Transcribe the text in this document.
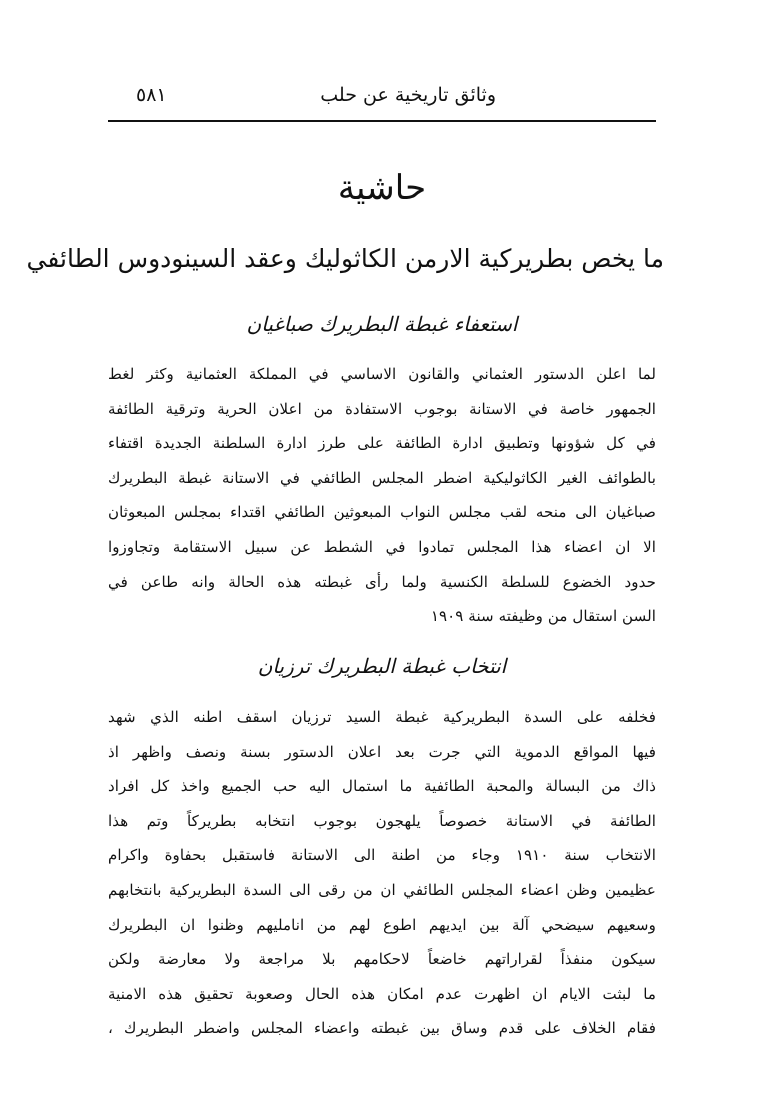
وثائق تاريخية عن حلب
٥٨١
حاشية
ما يخص بطريركية الارمن الكاثوليك وعقد السينودوس الطائفي
استعفاء غبطة البطريرك صباغيان
لما اعلن الدستور العثماني والقانون الاساسي في المملكة العثمانية وكثر لغط
الجمهور خاصة في الاستانة بوجوب الاستفادة من اعلان الحرية وترقية الطائفة
في كل شؤونها وتطبيق ادارة الطائفة على طرز ادارة السلطنة الجديدة اقتفاء
بالطوائف الغير الكاثوليكية اضطر المجلس الطائفي في الاستانة غبطة البطريرك
صباغيان الى منحه لقب مجلس النواب المبعوثين الطائفي اقتداء بمجلس المبعوثان
الا ان اعضاء هذا المجلس تمادوا في الشطط عن سبيل الاستقامة وتجاوزوا
حدود الخضوع للسلطة الكنسية ولما رأى غبطته هذه الحالة وانه طاعن في
السن استقال من وظيفته سنة ١٩٠٩
انتخاب غبطة البطريرك ترزيان
فخلفه على السدة البطريركية غبطة السيد ترزيان اسقف اطنه الذي شهد
فيها المواقع الدموية التي جرت بعد اعلان الدستور بسنة ونصف واظهر اذ
ذاك من البسالة والمحبة الطائفية ما استمال اليه حب الجميع واخذ كل افراد
الطائفة في الاستانة خصوصاً يلهجون بوجوب انتخابه بطريركاً وتم هذا
الانتخاب سنة ١٩١٠ وجاء من اطنة الى الاستانة فاستقبل بحفاوة واكرام
عظيمين وظن اعضاء المجلس الطائفي ان من رقى الى السدة البطريركية بانتخابهم
وسعيهم سيضحي آلة بين ايديهم اطوع لهم من انامليهم وظنوا ان البطريرك
سيكون منفذاً لقراراتهم خاضعاً لاحكامهم بلا مراجعة ولا معارضة ولكن
ما لبثت الايام ان اظهرت عدم امكان هذه الحال وصعوبة تحقيق هذه الامنية
فقام الخلاف على قدم وساق بين غبطته واعضاء المجلس واضطر البطريرك ،
